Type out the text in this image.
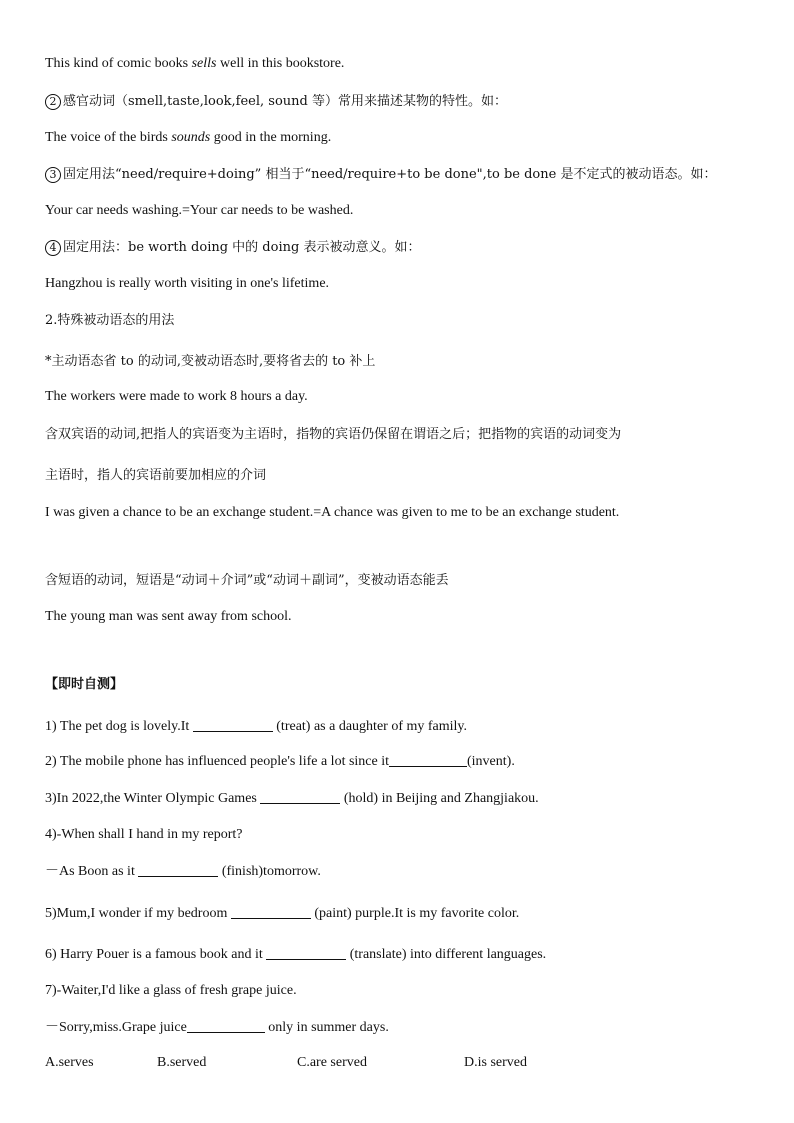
This kind of comic books sells well in this bookstore.
2 感官动词（smell,taste,look,feel, sound 等）常用来描述某物的特性。如：
The voice of the birds sounds good in the morning.
3 固定用法“need/require+doing” 相当于“need/require+to be done",to be done 是不定式的被动语态。如：
Your car needs washing.=Your car needs to be washed.
4 固定用法：be worth doing 中的 doing 表示被动意义。如：
Hangzhou is really worth visiting in one's lifetime.
2.特殊被动语态的用法
*主动语态省 to 的动词,变被动语态时,要将省去的 to 补上
The workers were made to work 8 hours a day.
含双宾语的动词,把指人的宾语变为主语时，指物的宾语仍保留在谓语之后；把指物的宾语的动词变为
主语时，指人的宾语前要加相应的介词
I was given a chance to be an exchange student.=A chance was given to me to be an exchange student.
含短语的动词，短语是“动词＋介词”或“动词＋副词”，变被动语态能丢
The young man was sent away from school.
【即时自测】
1) The pet dog is lovely.It	(treat) as a daughter of my family.
2) The mobile phone has influenced people's life a lot since it	(invent).
3)In 2022,the Winter Olympic Games	(hold) in Beijing and Zhangjiakou.
4)-When shall I hand in my report?
－As Boon as it	(finish)tomorrow.
5)Mum,I wonder if my bedroom	(paint) purple.It is my favorite color.
6) Harry Pouer is a famous book and it	(translate) into different languages.
7)-Waiter,I'd like a glass of fresh grape juice.
－Sorry,miss.Grape juice	only in summer days.
A.serves	B.served	C.are served	D.is served
